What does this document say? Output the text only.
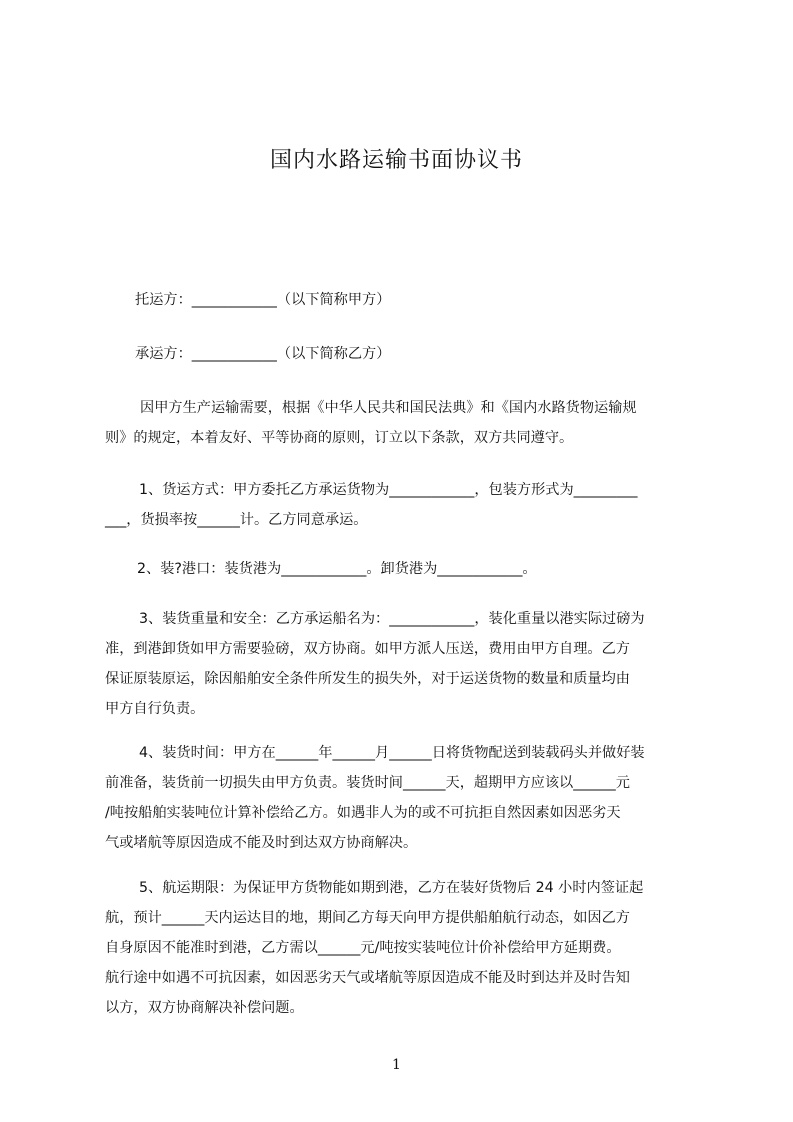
国内水路运输书面协议书

托运方：____________（以下简称甲方）

承运方：____________（以下简称乙方）

因甲方生产运输需要，根据《中华人民共和国民法典》和《国内水路货物运输规
则》的规定，本着友好、平等协商的原则，订立以下条款，双方共同遵守。
1、货运方式：甲方委托乙方承运货物为____________，包装方形式为_________
___，货损率按______计。乙方同意承运。
2、装?港口：装货港为____________。卸货港为____________。
3、装货重量和安全：乙方承运船名为：____________，装化重量以港实际过磅为
准，到港卸货如甲方需要验磅，双方协商。如甲方派人压送，费用由甲方自理。乙方
保证原装原运，除因船舶安全条件所发生的损失外，对于运送货物的数量和质量均由
甲方自行负责。
4、装货时间：甲方在______年______月______日将货物配送到装载码头并做好装
前准备，装货前一切损失由甲方负责。装货时间______天，超期甲方应该以______元
/吨按船舶实装吨位计算补偿给乙方。如遇非人为的或不可抗拒自然因素如因恶劣天
气或堵航等原因造成不能及时到达双方协商解决。
5、航运期限：为保证甲方货物能如期到港，乙方在装好货物后 24 小时内签证起
航，预计______天内运达目的地，期间乙方每天向甲方提供船舶航行动态，如因乙方
自身原因不能准时到港，乙方需以______元/吨按实装吨位计价补偿给甲方延期费。
航行途中如遇不可抗因素，如因恶劣天气或堵航等原因造成不能及时到达并及时告知
以方，双方协商解决补偿问题。
1
